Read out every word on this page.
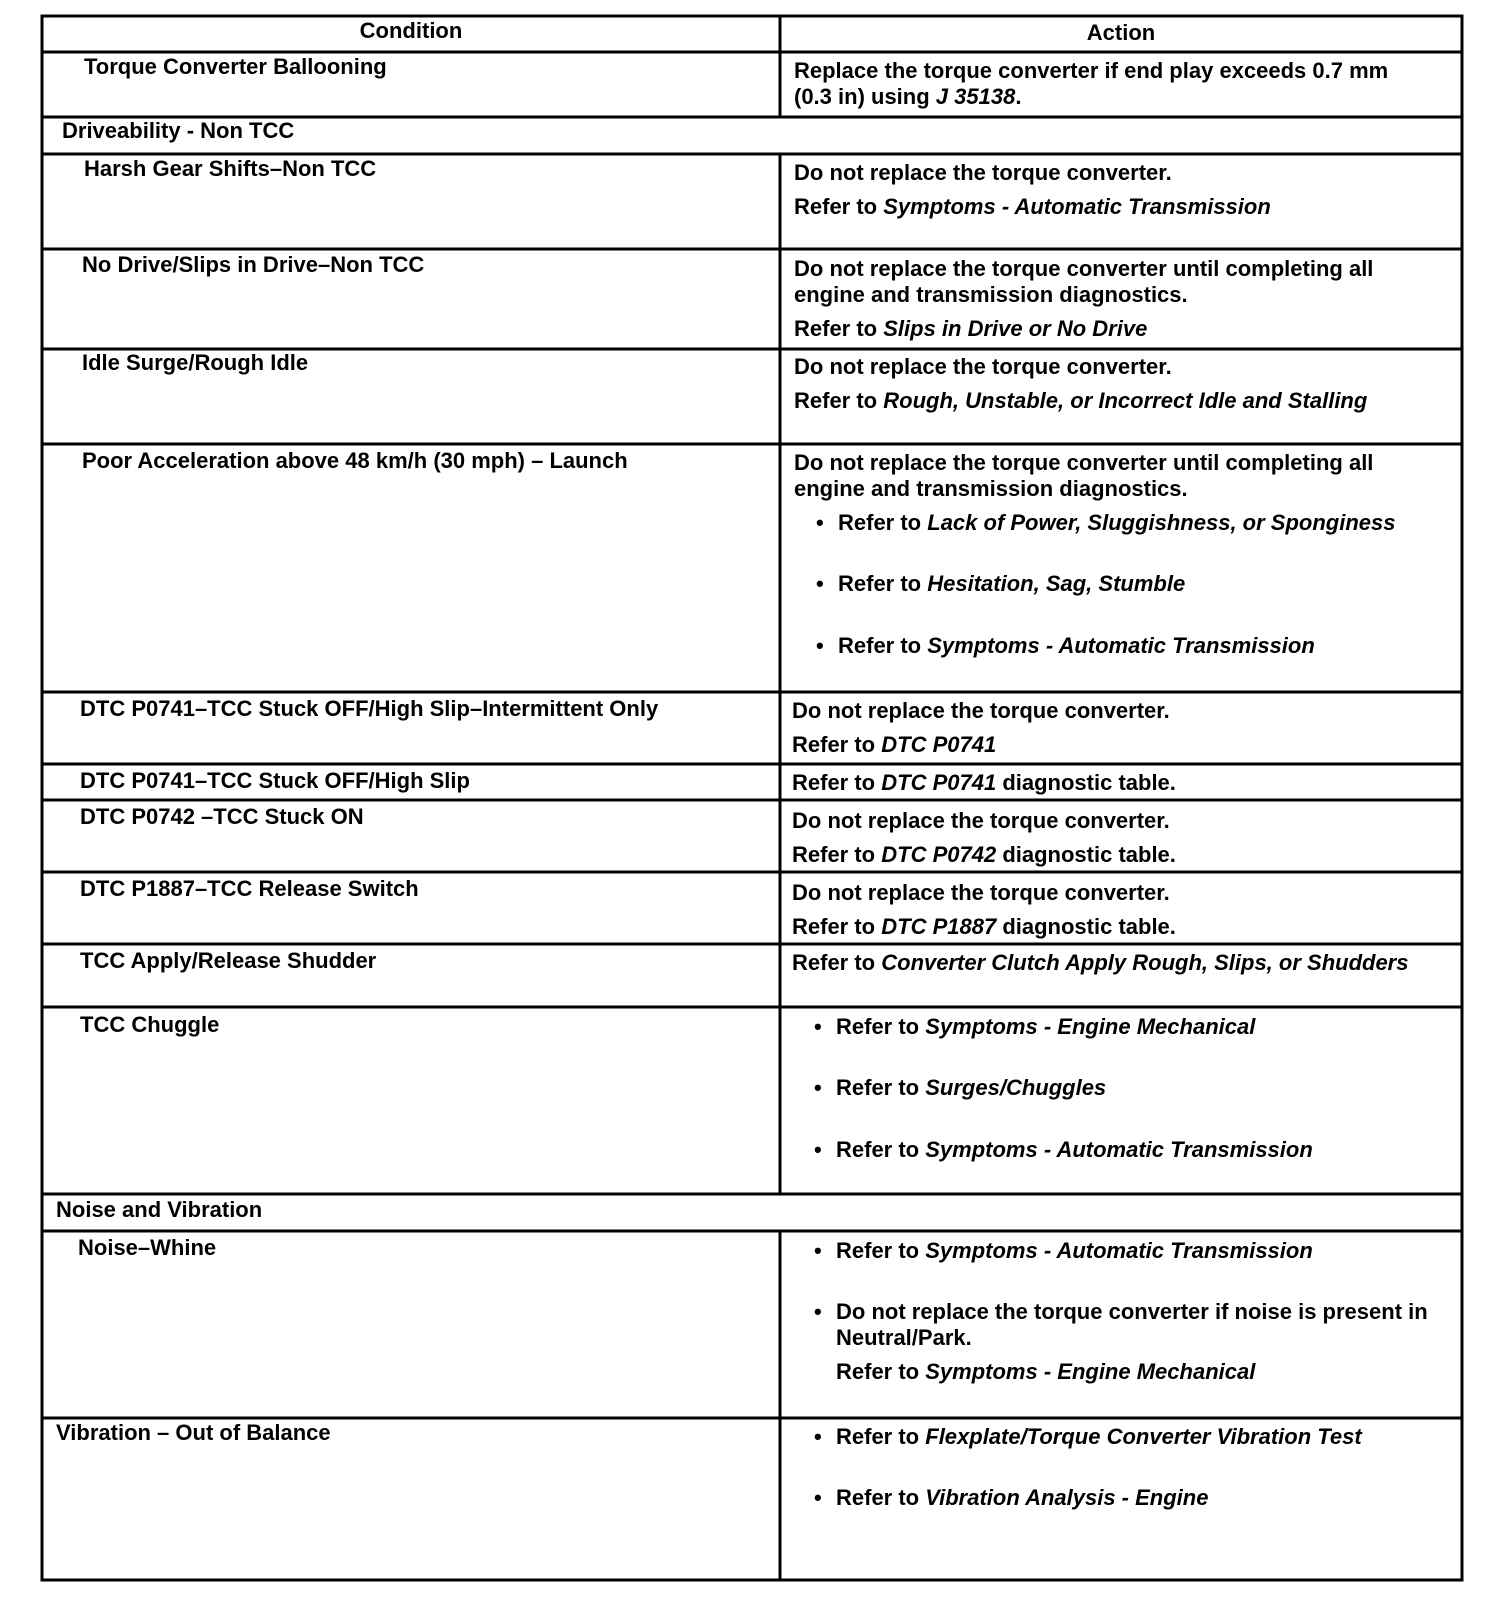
Condition	Action
Torque Converter Ballooning	Replace the torque converter if end play exceeds 0.7 mm
(0.3 in) using J 35138.
Driveability - Non TCC
Harsh Gear Shifts–Non TCC	Do not replace the torque converter.
Refer to Symptoms - Automatic Transmission
No Drive/Slips in Drive–Non TCC	Do not replace the torque converter until completing all
engine and transmission diagnostics.
Refer to Slips in Drive or No Drive
Idle Surge/Rough Idle	Do not replace the torque converter.
Refer to Rough, Unstable, or Incorrect Idle and Stalling
Poor Acceleration above 48 km/h (30 mph) – Launch	Do not replace the torque converter until completing all
engine and transmission diagnostics.
• Refer to Lack of Power, Sluggishness, or Sponginess
• Refer to Hesitation, Sag, Stumble
• Refer to Symptoms - Automatic Transmission
DTC P0741–TCC Stuck OFF/High Slip–Intermittent Only	Do not replace the torque converter.
Refer to DTC P0741
DTC P0741–TCC Stuck OFF/High Slip	Refer to DTC P0741 diagnostic table.
DTC P0742 –TCC Stuck ON	Do not replace the torque converter.
Refer to DTC P0742 diagnostic table.
DTC P1887–TCC Release Switch	Do not replace the torque converter.
Refer to DTC P1887 diagnostic table.
TCC Apply/Release Shudder	Refer to Converter Clutch Apply Rough, Slips, or Shudders
TCC Chuggle	• Refer to Symptoms - Engine Mechanical
• Refer to Surges/Chuggles
• Refer to Symptoms - Automatic Transmission
Noise and Vibration
Noise–Whine	• Refer to Symptoms - Automatic Transmission
• Do not replace the torque converter if noise is present in
Neutral/Park.
Refer to Symptoms - Engine Mechanical
Vibration – Out of Balance	• Refer to Flexplate/Torque Converter Vibration Test
• Refer to Vibration Analysis - Engine
